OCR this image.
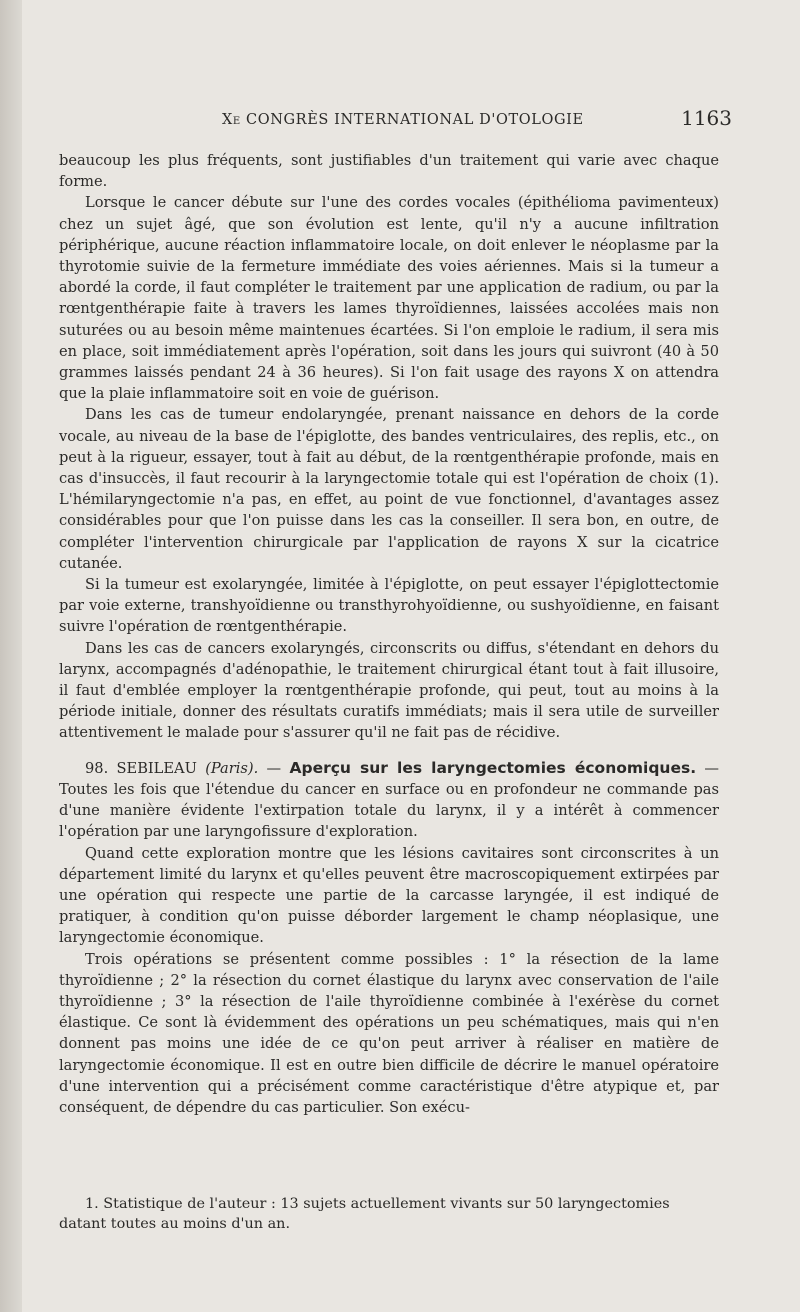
Xe CONGRÈS INTERNATIONAL D'OTOLOGIE	1163

beaucoup les plus fréquents, sont justifiables d'un traitement qui varie avec chaque forme.

Lorsque le cancer débute sur l'une des cordes vocales (épithélioma pavimenteux) chez un sujet âgé, que son évolution est lente, qu'il n'y a aucune infiltration périphérique, aucune réaction inflammatoire locale, on doit enlever le néoplasme par la thyrotomie suivie de la fermeture immédiate des voies aériennes. Mais si la tumeur a abordé la corde, il faut compléter le traitement par une application de radium, ou par la rœntgenthérapie faite à travers les lames thyroïdiennes, laissées accolées mais non suturées ou au besoin même maintenues écartées. Si l'on emploie le radium, il sera mis en place, soit immédiatement après l'opération, soit dans les jours qui suivront (40 à 50 grammes laissés pendant 24 à 36 heures). Si l'on fait usage des rayons X on attendra que la plaie inflammatoire soit en voie de guérison.

Dans les cas de tumeur endolaryngée, prenant naissance en dehors de la corde vocale, au niveau de la base de l'épiglotte, des bandes ventriculaires, des replis, etc., on peut à la rigueur, essayer, tout à fait au début, de la rœntgenthérapie profonde, mais en cas d'insuccès, il faut recourir à la laryngectomie totale qui est l'opération de choix (1). L'hémilaryngectomie n'a pas, en effet, au point de vue fonctionnel, d'avantages assez considérables pour que l'on puisse dans les cas la conseiller. Il sera bon, en outre, de compléter l'intervention chirurgicale par l'application de rayons X sur la cicatrice cutanée.

Si la tumeur est exolaryngée, limitée à l'épiglotte, on peut essayer l'épiglottectomie par voie externe, transhyoïdienne ou transthyrohyoïdienne, ou sushyoïdienne, en faisant suivre l'opération de rœntgenthérapie.

Dans les cas de cancers exolaryngés, circonscrits ou diffus, s'étendant en dehors du larynx, accompagnés d'adénopathie, le traitement chirurgical étant tout à fait illusoire, il faut d'emblée employer la rœntgenthérapie profonde, qui peut, tout au moins à la période initiale, donner des résultats curatifs immédiats; mais il sera utile de surveiller attentivement le malade pour s'assurer qu'il ne fait pas de récidive.

98. SEBILEAU (Paris). — Aperçu sur les laryngectomies économiques. — Toutes les fois que l'étendue du cancer en surface ou en profondeur ne commande pas d'une manière évidente l'extirpation totale du larynx, il y a intérêt à commencer l'opération par une laryngofissure d'exploration.

Quand cette exploration montre que les lésions cavitaires sont circonscrites à un département limité du larynx et qu'elles peuvent être macroscopiquement extirpées par une opération qui respecte une partie de la carcasse laryngée, il est indiqué de pratiquer, à condition qu'on puisse déborder largement le champ néoplasique, une laryngectomie économique.

Trois opérations se présentent comme possibles : 1° la résection de la lame thyroïdienne ; 2° la résection du cornet élastique du larynx avec conservation de l'aile thyroïdienne ; 3° la résection de l'aile thyroïdienne combinée à l'exérèse du cornet élastique. Ce sont là évidemment des opérations un peu schématiques, mais qui n'en donnent pas moins une idée de ce qu'on peut arriver à réaliser en matière de laryngectomie économique. Il est en outre bien difficile de décrire le manuel opératoire d'une intervention qui a précisément comme caractéristique d'être atypique et, par conséquent, de dépendre du cas particulier. Son exécu-

1. Statistique de l'auteur : 13 sujets actuellement vivants sur 50 laryngectomies datant toutes au moins d'un an.
